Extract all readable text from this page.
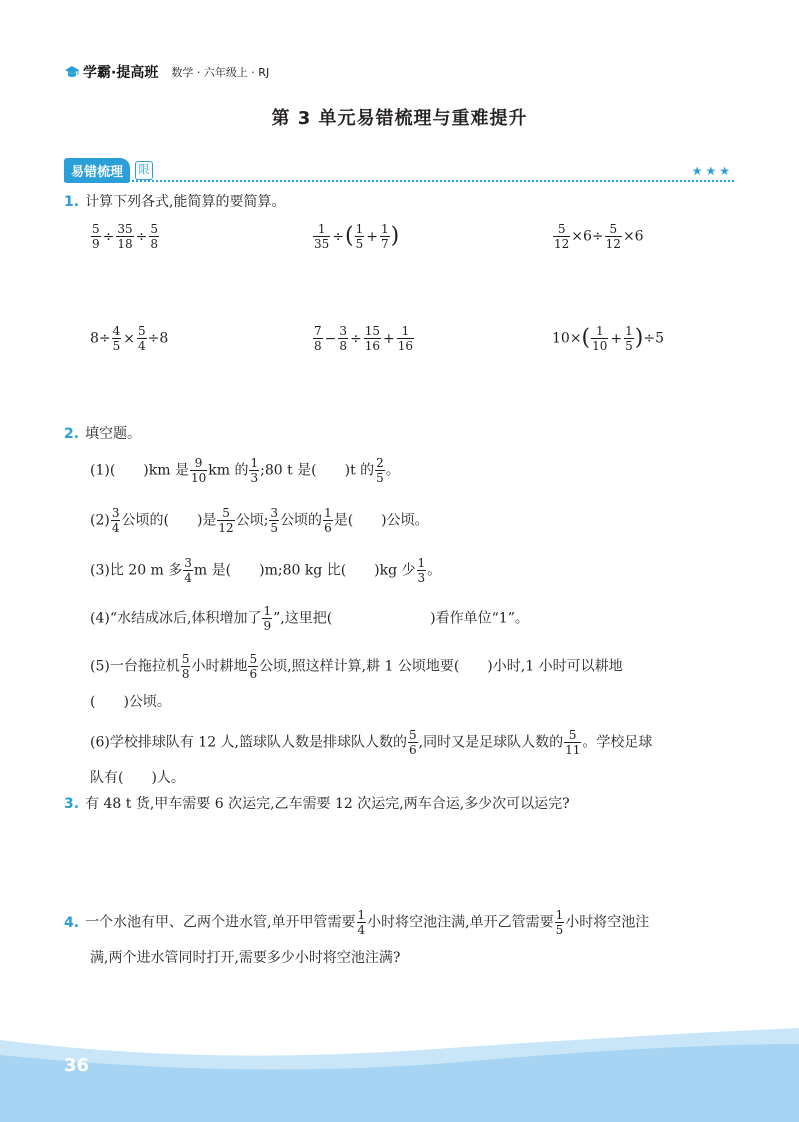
学霸·提高班 数学 · 六年级上 · RJ
第 3 单元易错梳理与重难提升
易错梳理	限	★★★
1. 计算下列各式,能简算的要简算。
$\frac{5}{9} \div \frac{35}{18} \div \frac{5}{8}$	$\frac{1}{35}$ ÷( $\frac{1}{5} + \frac{1}{7}$ )	$\frac{5}{12} \times 6\div \frac{5}{12} \times 6$
$8\div \frac{4}{5} \times \frac{5}{4} \div 8$	$\frac{7}{8} - \frac{3}{8} \div \frac{15}{16} + \frac{1}{16}$	$10\times( \frac{1}{10} + \frac{1}{5} )\div 5$
2. 填空题。
(1)(　　)km 是 $\frac{9}{10}$ km 的 $\frac{1}{3}$ ;80 t 是(　　)t 的 $\frac{2}{5}$ 。
$(2) \frac{3}{4}$ 公顷的(　　)是 $\frac{5}{12}$ 公顷; $\frac{3}{5}$ 公顷的 $\frac{1}{6}$ 是(　　)公顷。
(3)比 20 m 多 $\frac{3}{4}$ m 是(　　)m;80 kg 比(　　)kg 少 $\frac{1}{3}$ 。
(4)“水结成冰后,体积增加了 $\frac{1}{9}$ ”,这里把(　　　　　　　)看作单位“1”。
(5)一台拖拉机 $\frac{5}{8}$ 小时耕地 $\frac{5}{6}$ 公顷,照这样计算,耕 1 公顷地要(　　)小时,1 小时可以耕地
(　　)公顷。
(6)学校排球队有 12 人,篮球队人数是排球队人数的 $\frac{5}{6}$ ,同时又是足球队人数的 $\frac{5}{11}$ 。学校足球
队有(　　)人。
3. 有 48 t 货,甲车需要 6 次运完,乙车需要 12 次运完,两车合运,多少次可以运完?
4. 一个水池有甲、乙两个进水管,单开甲管需要 $\frac{1}{4}$ 小时将空池注满,单开乙管需要 $\frac{1}{5}$ 小时将空池注
满,两个进水管同时打开,需要多少小时将空池注满?
36
